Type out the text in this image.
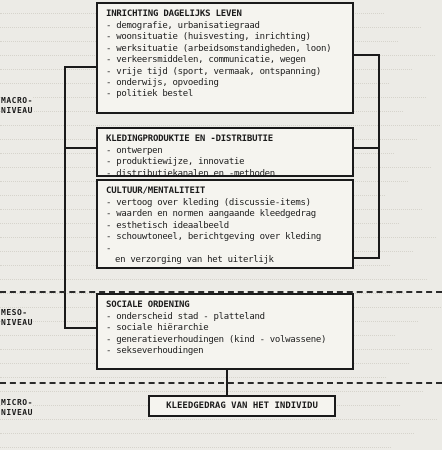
MACRO-
NIVEAU
MESO-
NIVEAU
MICRO-
NIVEAU
INRICHTING DAGELIJKS LEVEN
- demografie, urbanisatiegraad
- woonsituatie (huisvesting, inrichting)
- werksituatie (arbeidsomstandigheden, loon)
- verkeersmiddelen, communicatie, wegen
- vrije tijd (sport, vermaak, ontspanning)
- onderwijs, opvoeding
- politiek bestel
KLEDINGPRODUKTIE EN -DISTRIBUTIE
- ontwerpen
- produktiewijze, innovatie
- distributiekanalen en -methoden
CULTUUR/MENTALITEIT
- vertoog over kleding (discussie-items)
- waarden en normen aangaande kleedgedrag
- esthetisch ideaalbeeld
- schouwtoneel, berichtgeving over kleding
- en verzorging van het uiterlijk
SOCIALE ORDENING
- onderscheid stad - platteland
- sociale hiërarchie
- generatieverhoudingen (kind - volwassene)
- sekseverhoudingen
KLEEDGEDRAG VAN HET INDIVIDU
